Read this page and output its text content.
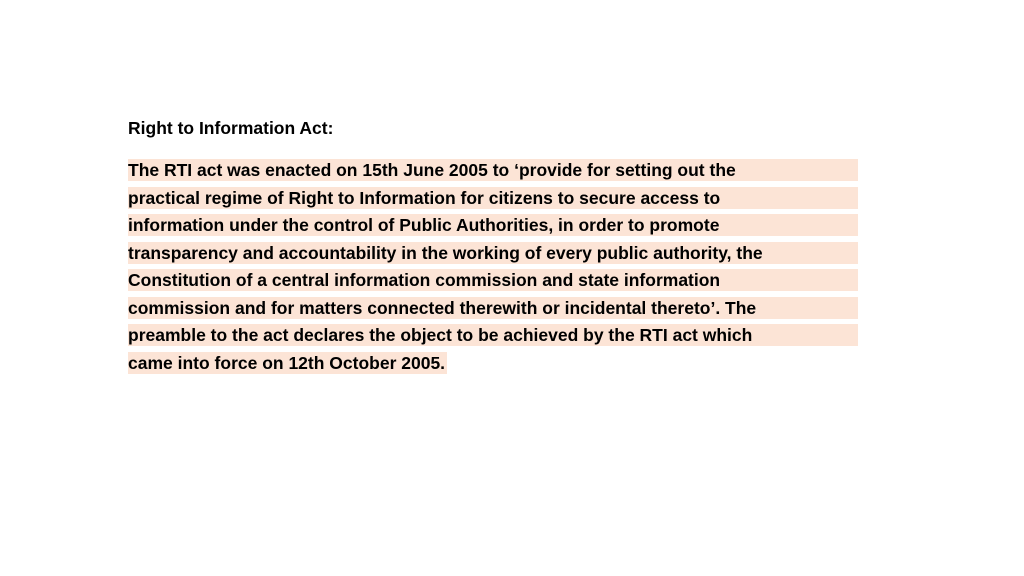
Right to Information Act:
The RTI act was enacted on 15th June 2005 to ‘provide for setting out the
practical regime of Right to Information for citizens to secure access to
information under the control of Public Authorities, in order to promote
transparency and accountability in the working of every public authority, the
Constitution of a central information commission and state information
commission and for matters connected therewith or incidental thereto’. The
preamble to the act declares the object to be achieved by the RTI act which
came into force on 12th October 2005.
